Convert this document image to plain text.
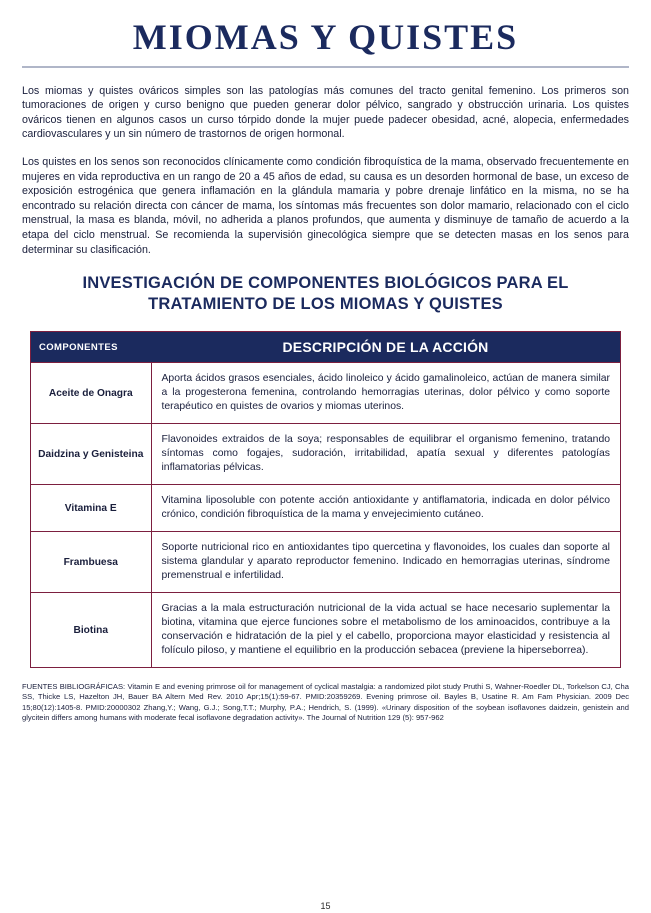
MIOMAS Y QUISTES

Los miomas y quistes ováricos simples son las patologías más comunes del tracto genital femenino. Los primeros son tumoraciones de origen y curso benigno que pueden generar dolor pélvico, sangrado y obstrucción urinaria. Los quistes ováricos tienen en algunos casos un curso tórpido donde la mujer puede padecer obesidad, acné, alopecia, enfermedades cardiovasculares y un sin número de trastornos de origen hormonal.

Los quistes en los senos son reconocidos clínicamente como condición fibroquística de la mama, observado frecuentemente en mujeres en vida reproductiva en un rango de 20 a 45 años de edad, su causa es un desorden hormonal de base, un exceso de exposición estrogénica que genera inflamación en la glándula mamaria y pobre drenaje linfático en la misma, no se ha encontrado su relación directa con cáncer de mama, los síntomas más frecuentes son dolor mamario, relacionado con el ciclo menstrual, la masa es blanda, móvil, no adherida a planos profundos, que aumenta y disminuye de tamaño de acuerdo a la etapa del ciclo menstrual. Se recomienda la supervisión ginecológica siempre que se detecten masas en los senos para determinar su clasificación.

INVESTIGACIÓN DE COMPONENTES BIOLÓGICOS PARA EL TRATAMIENTO DE LOS MIOMAS Y QUISTES
COMPONENTES	DESCRIPCIÓN DE LA ACCIÓN
Aceite de Onagra	Aporta ácidos grasos esenciales, ácido linoleico y ácido gamalinoleico, actúan de manera similar a la progesterona femenina, controlando hemorragias uterinas, dolor pélvico y como soporte terapéutico en quistes de ovarios y miomas uterinos.
Daidzina y Genisteina	Flavonoides extraidos de la soya; responsables de equilibrar el organismo femenino, tratando síntomas como fogajes, sudoración, irritabilidad, apatía sexual y diferentes patologías inflamatorias pélvicas.
Vitamina E	Vitamina liposoluble con potente acción antioxidante y antiflamatoria, indicada en dolor pélvico crónico, condición fibroquística de la mama y envejecimiento cutáneo.
Frambuesa	Soporte nutricional rico en antioxidantes tipo quercetina y flavonoides, los cuales dan soporte al sistema glandular y aparato reproductor femenino. Indicado en hemorragias uterinas, síndrome premenstrual e infertilidad.
Biotina	Gracias a la mala estructuración nutricional de la vida actual se hace necesario suplementar la biotina, vitamina que ejerce funciones sobre el metabolismo de los aminoacidos, contribuye a la conservación e hidratación de la piel y el cabello, proporciona mayor elasticidad y resistencia al folículo piloso, y mantiene el equilibrio en la producción sebacea (previene la hiperseborrea).
FUENTES BIBLIOGRÁFICAS: Vitamin E and evening primrose oil for management of cyclical mastalgia: a randomized pilot study Pruthi S, Wahner-Roedler DL, Torkelson CJ, Cha SS, Thicke LS, Hazelton JH, Bauer BA Altern Med Rev. 2010 Apr;15(1):59-67. PMID:20359269. Evening primrose oil. Bayles B, Usatine R. Am Fam Physician. 2009 Dec 15;80(12):1405-8. PMID:20000302 Zhang,Y.; Wang, G.J.; Song,T.T.; Murphy, P.A.; Hendrich, S. (1999). «Urinary disposition of the soybean isoflavones daidzein, genistein and glycitein differs among humans with moderate fecal isoflavone degradation activity». The Journal of Nutrition 129 (5): 957-962
15
